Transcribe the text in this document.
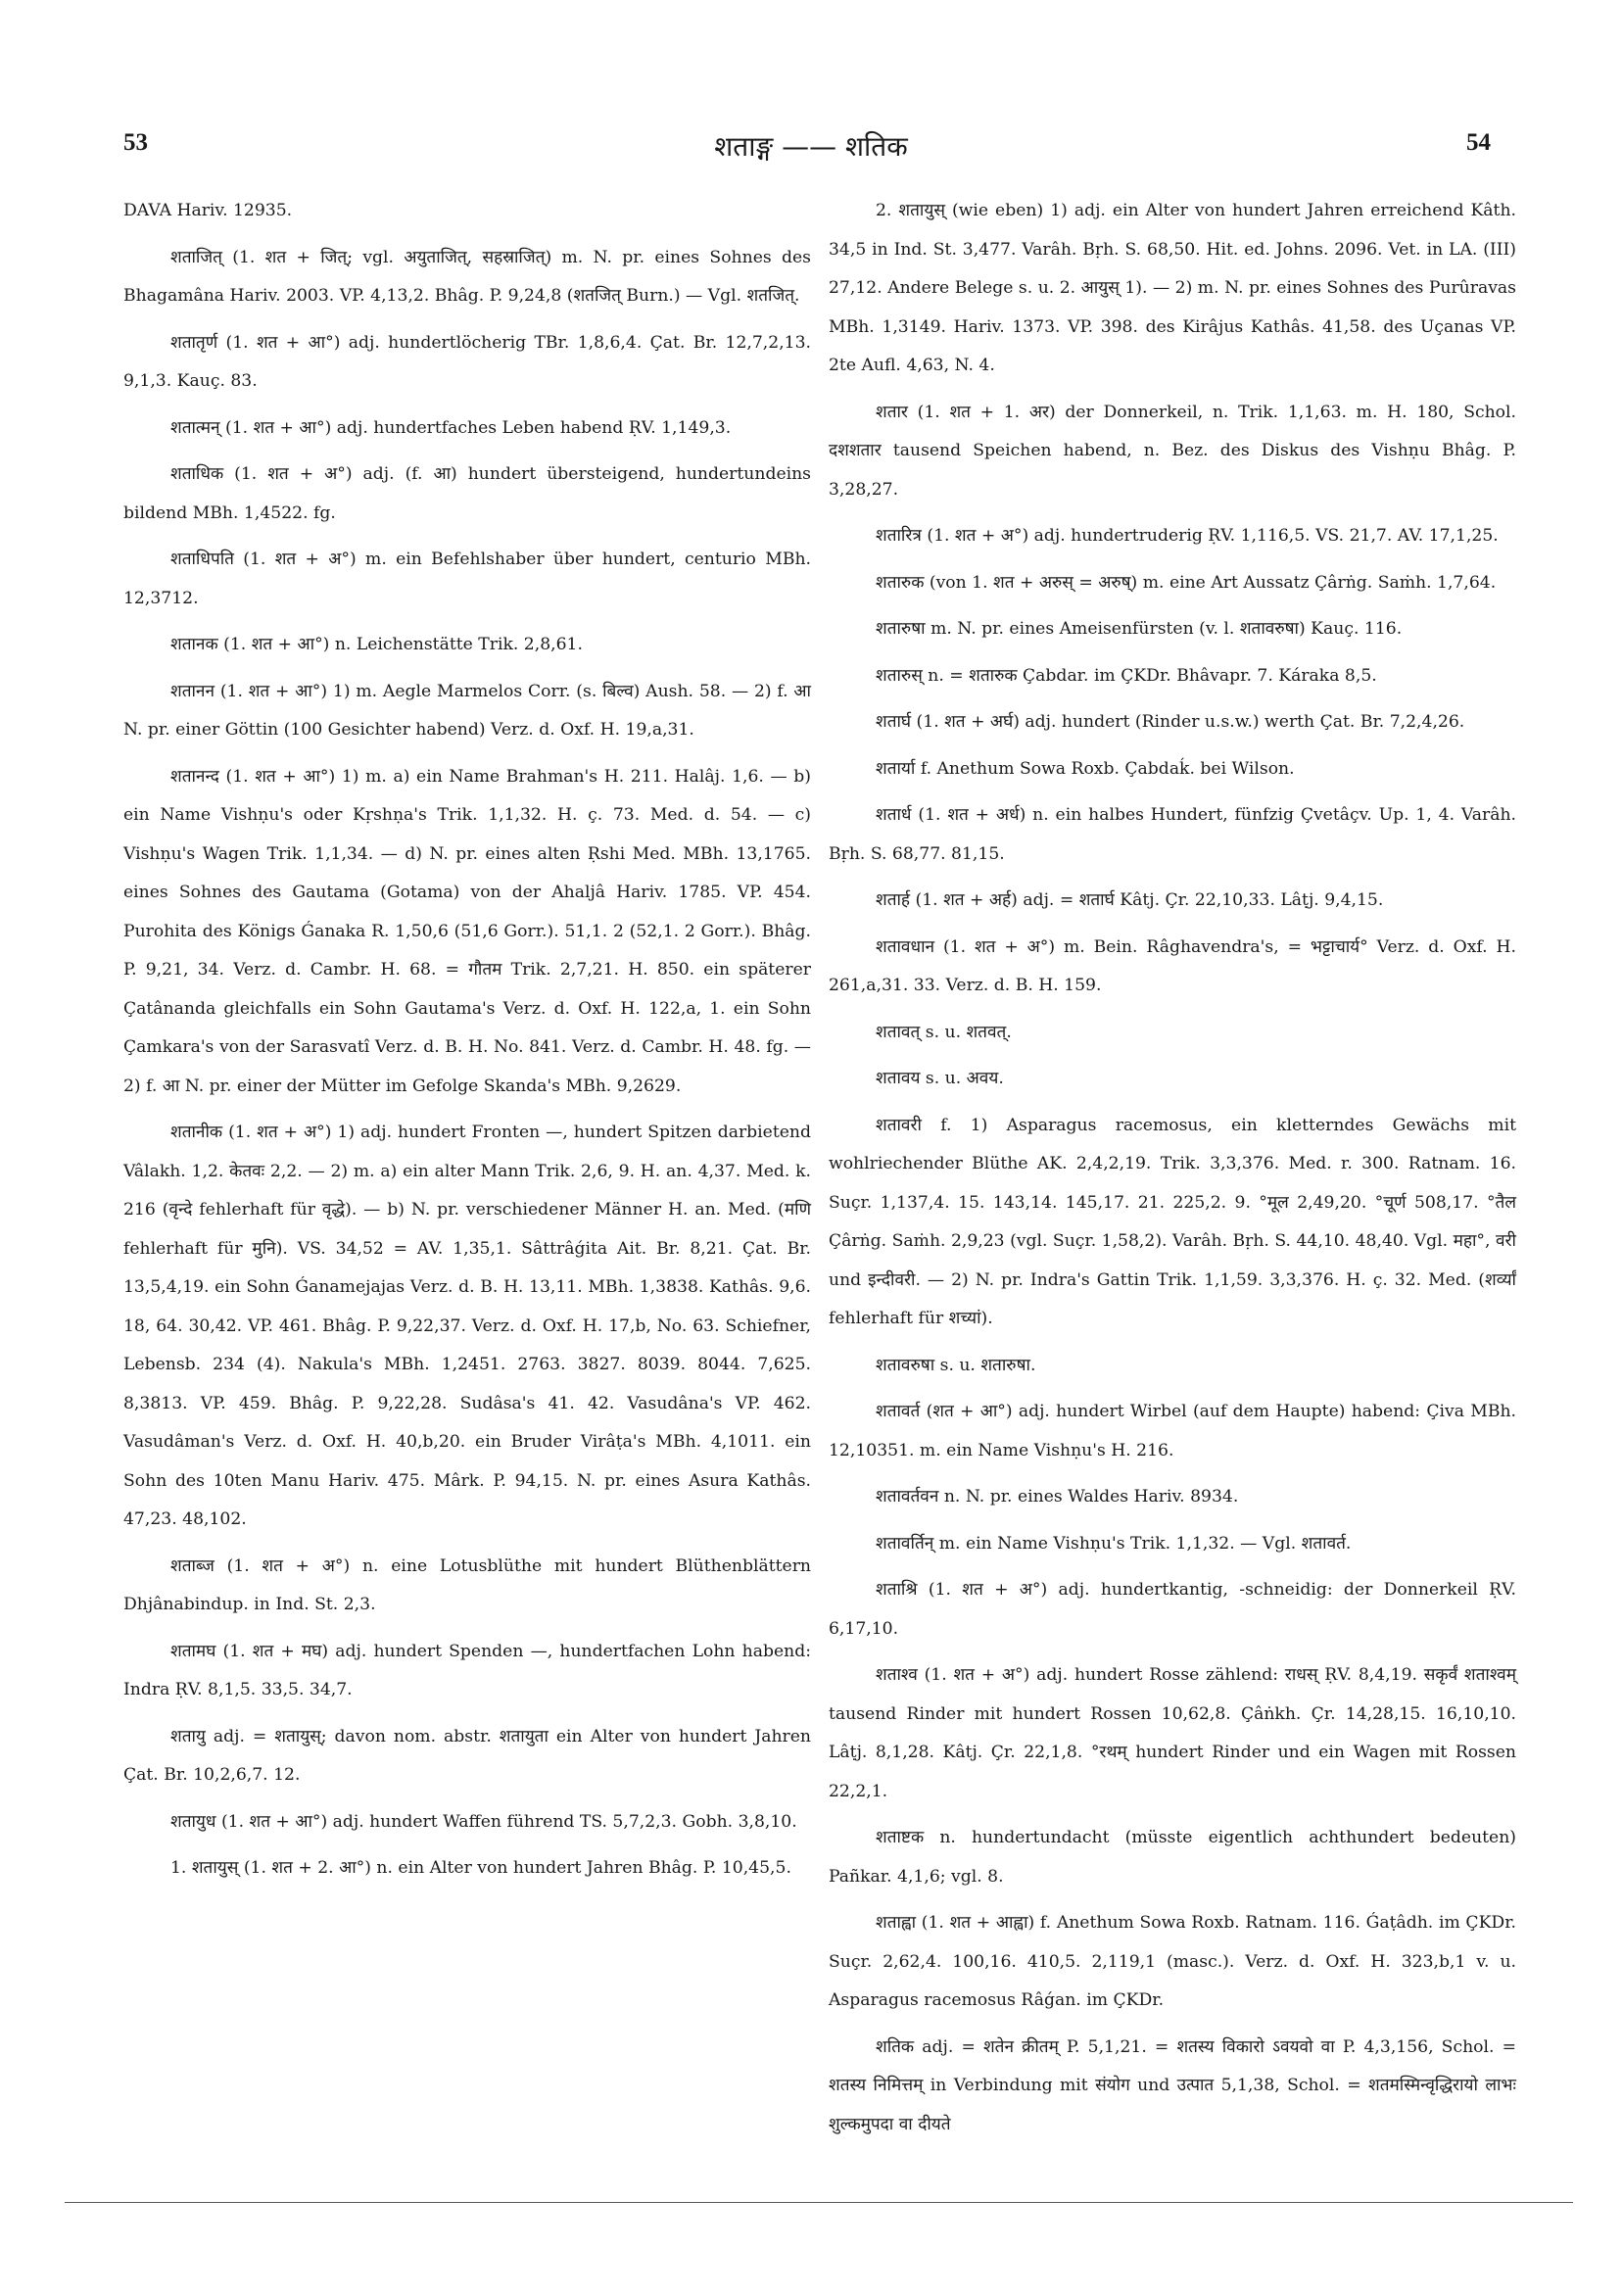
53	शताङ्ग —— शतिक	54

DAVA Hariv. 12935.

शताजित् (1. शत + जित्; vgl. अयुताजित्, सहस्राजित्) m. N. pr. eines Sohnes des Bhagamâna Hariv. 2003. VP. 4,13,2. Bhâg. P. 9,24,8 (शतजित् Burn.) — Vgl. शतजित्.

शतातृर्ण (1. शत + आ°) adj. hundertlöcherig TBr. 1,8,6,4. Çat. Br. 12,7,2,13. 9,1,3. Kauç. 83.

शतात्मन् (1. शत + आ°) adj. hundertfaches Leben habend ṚV. 1,149,3.

शताधिक (1. शत + अ°) adj. (f. आ) hundert übersteigend, hundertundeins bildend MBh. 1,4522. fg.

शताधिपति (1. शत + अ°) m. ein Befehlshaber über hundert, centurio MBh. 12,3712.

शतानक (1. शत + आ°) n. Leichenstätte Trik. 2,8,61.

शतानन (1. शत + आ°) 1) m. Aegle Marmelos Corr. (s. बिल्व) Aush. 58. — 2) f. आ N. pr. einer Göttin (100 Gesichter habend) Verz. d. Oxf. H. 19,a,31.

शतानन्द (1. शत + आ°) 1) m. a) ein Name Brahman's H. 211. Halâj. 1,6. — b) ein Name Vishṇu's oder Kṛshṇa's Trik. 1,1,32. H. ç. 73. Med. d. 54. — c) Vishṇu's Wagen Trik. 1,1,34. — d) N. pr. eines alten Ṛshi Med. MBh. 13,1765. eines Sohnes des Gautama (Gotama) von der Ahaljâ Hariv. 1785. VP. 454. Purohita des Königs Ǵanaka R. 1,50,6 (51,6 Gorr.). 51,1. 2 (52,1. 2 Gorr.). Bhâg. P. 9,21, 34. Verz. d. Cambr. H. 68. = गौतम Trik. 2,7,21. H. 850. ein späterer Çatânanda gleichfalls ein Sohn Gautama's Verz. d. Oxf. H. 122,a, 1. ein Sohn Çamkara's von der Sarasvatî Verz. d. B. H. No. 841. Verz. d. Cambr. H. 48. fg. — 2) f. आ N. pr. einer der Mütter im Gefolge Skanda's MBh. 9,2629.

शतानीक (1. शत + अ°) 1) adj. hundert Fronten —, hundert Spitzen darbietend Vâlakh. 1,2. केतवः 2,2. — 2) m. a) ein alter Mann Trik. 2,6, 9. H. an. 4,37. Med. k. 216 (वृन्दे fehlerhaft für वृद्धे). — b) N. pr. verschiedener Männer H. an. Med. (मणि fehlerhaft für मुनि). VS. 34,52 = AV. 1,35,1. Sâttrâǵita Ait. Br. 8,21. Çat. Br. 13,5,4,19. ein Sohn Ǵanamejajas Verz. d. B. H. 13,11. MBh. 1,3838. Kathâs. 9,6. 18, 64. 30,42. VP. 461. Bhâg. P. 9,22,37. Verz. d. Oxf. H. 17,b, No. 63. Schiefner, Lebensb. 234 (4). Nakula's MBh. 1,2451. 2763. 3827. 8039. 8044. 7,625. 8,3813. VP. 459. Bhâg. P. 9,22,28. Sudâsa's 41. 42. Vasudâna's VP. 462. Vasudâman's Verz. d. Oxf. H. 40,b,20. ein Bruder Virâṭa's MBh. 4,1011. ein Sohn des 10ten Manu Hariv. 475. Mârk. P. 94,15. N. pr. eines Asura Kathâs. 47,23. 48,102.

शताब्ज (1. शत + अ°) n. eine Lotusblüthe mit hundert Blüthenblättern Dhjânabindup. in Ind. St. 2,3.

शतामघ (1. शत + मघ) adj. hundert Spenden —, hundertfachen Lohn habend: Indra ṚV. 8,1,5. 33,5. 34,7.

शतायु adj. = शतायुस्; davon nom. abstr. शतायुता ein Alter von hundert Jahren Çat. Br. 10,2,6,7. 12.

शतायुध (1. शत + आ°) adj. hundert Waffen führend TS. 5,7,2,3. Gobh. 3,8,10.

1. शतायुस् (1. शत + 2. आ°) n. ein Alter von hundert Jahren Bhâg. P. 10,45,5.

2. शतायुस् (wie eben) 1) adj. ein Alter von hundert Jahren erreichend Kâth. 34,5 in Ind. St. 3,477. Varâh. Bṛh. S. 68,50. Hit. ed. Johns. 2096. Vet. in LA. (III) 27,12. Andere Belege s. u. 2. आयुस् 1). — 2) m. N. pr. eines Sohnes des Purûravas MBh. 1,3149. Hariv. 1373. VP. 398. des Kirâjus Kathâs. 41,58. des Uçanas VP. 2te Aufl. 4,63, N. 4.

शतार (1. शत + 1. अर) der Donnerkeil, n. Trik. 1,1,63. m. H. 180, Schol. दशशतार tausend Speichen habend, n. Bez. des Diskus des Vishṇu Bhâg. P. 3,28,27.

शतारित्र (1. शत + अ°) adj. hundertruderig ṚV. 1,116,5. VS. 21,7. AV. 17,1,25.

शतारुक (von 1. शत + अरुस् = अरुष्) m. eine Art Aussatz Çârṅg. Saṁh. 1,7,64.

शतारुषा m. N. pr. eines Ameisenfürsten (v. l. शतावरुषा) Kauç. 116.

शतारुस् n. = शतारुक Çabdar. im ÇKDr. Bhâvapr. 7. Káraka 8,5.

शतार्घ (1. शत + अर्घ) adj. hundert (Rinder u.s.w.) werth Çat. Br. 7,2,4,26.

शतार्या f. Anethum Sowa Roxb. Çabdaḱ. bei Wilson.

शतार्ध (1. शत + अर्ध) n. ein halbes Hundert, fünfzig Çvetâçv. Up. 1, 4. Varâh. Bṛh. S. 68,77. 81,15.

शतार्ह (1. शत + अर्ह) adj. = शतार्घ Kâtj. Çr. 22,10,33. Lâṭj. 9,4,15.

शतावधान (1. शत + अ°) m. Bein. Râghavendra's, = भट्टाचार्य° Verz. d. Oxf. H. 261,a,31. 33. Verz. d. B. H. 159.

शतावत् s. u. शतवत्.

शतावय s. u. अवय.

शतावरी f. 1) Asparagus racemosus, ein kletterndes Gewächs mit wohlriechender Blüthe AK. 2,4,2,19. Trik. 3,3,376. Med. r. 300. Ratnam. 16. Suçr. 1,137,4. 15. 143,14. 145,17. 21. 225,2. 9. °मूल 2,49,20. °चूर्ण 508,17. °तैल Çârṅg. Saṁh. 2,9,23 (vgl. Suçr. 1,58,2). Varâh. Bṛh. S. 44,10. 48,40. Vgl. महा°, वरी und इन्दीवरी. — 2) N. pr. Indra's Gattin Trik. 1,1,59. 3,3,376. H. ç. 32. Med. (शर्व्यां fehlerhaft für शच्यां).

शतावरुषा s. u. शतारुषा.

शतावर्त (शत + आ°) adj. hundert Wirbel (auf dem Haupte) habend: Çiva MBh. 12,10351. m. ein Name Vishṇu's H. 216.

शतावर्तवन n. N. pr. eines Waldes Hariv. 8934.

शतावर्तिन् m. ein Name Vishṇu's Trik. 1,1,32. — Vgl. शतावर्त.

शताश्रि (1. शत + अ°) adj. hundertkantig, -schneidig: der Donnerkeil ṚV. 6,17,10.

शताश्व (1. शत + अ°) adj. hundert Rosse zählend: राधस् ṚV. 8,4,19. सकृर्वं शताश्वम् tausend Rinder mit hundert Rossen 10,62,8. Çâṅkh. Çr. 14,28,15. 16,10,10. Lâṭj. 8,1,28. Kâtj. Çr. 22,1,8. °रथम् hundert Rinder und ein Wagen mit Rossen 22,2,1.

शताष्टक n. hundertundacht (müsste eigentlich achthundert bedeuten) Pañkar. 4,1,6; vgl. 8.

शताह्वा (1. शत + आह्वा) f. Anethum Sowa Roxb. Ratnam. 116. Ǵaṭâdh. im ÇKDr. Suçr. 2,62,4. 100,16. 410,5. 2,119,1 (masc.). Verz. d. Oxf. H. 323,b,1 v. u. Asparagus racemosus Râǵan. im ÇKDr.

शतिक adj. = शतेन क्रीतम् P. 5,1,21. = शतस्य विकारो ऽवयवो वा P. 4,3,156, Schol. = शतस्य निमित्तम् in Verbindung mit संयोग und उत्पात 5,1,38, Schol. = शतमस्मिन्वृद्धिरायो लाभः शुल्कमुपदा वा दीयते
